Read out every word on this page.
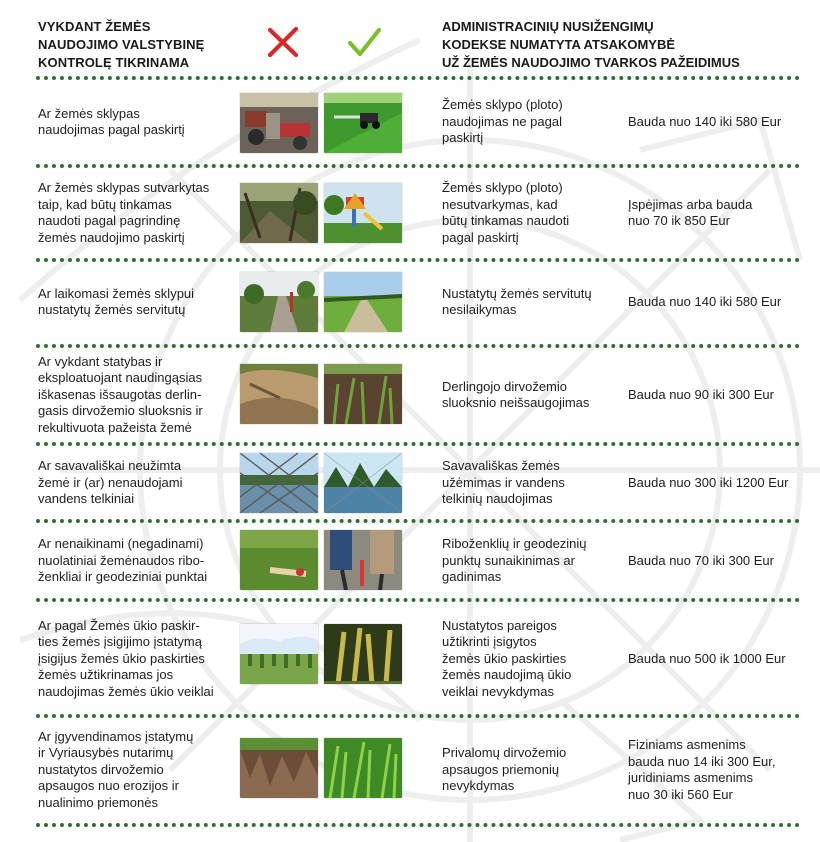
VYKDANT ŽEMĖS
NAUDOJIMO VALSTYBINĘ
KONTROLĘ TIKRINAMA
ADMINISTRACINIŲ NUSIŽENGIMŲ
KODEKSE NUMATYTA ATSAKOMYBĖ
UŽ ŽEMĖS NAUDOJIMO TVARKOS PAŽEIDIMUS
Ar žemės sklypas
naudojimas pagal paskirtį
Žemės sklypo (ploto)
naudojimas ne pagal
paskirtį
Bauda nuo 140 iki 580 Eur
Ar žemės sklypas sutvarkytas
taip, kad būtų tinkamas
naudoti pagal pagrindinę
žemės naudojimo paskirtį
Žemės sklypo (ploto)
nesutvarkymas, kad
būtų tinkamas naudoti
pagal paskirtį
Įspėjimas arba bauda
nuo 70 ik 850 Eur
Ar laikomasi žemės sklypui
nustatytų žemės servitutų
Nustatytų žemės servitutų
nesilaikymas
Bauda nuo 140 iki 580 Eur
Ar vykdant statybas ir
eksploatuojant naudingąsias
iškasenas išsaugotas derlin-
gasis dirvožemio sluoksnis ir
rekultivuota pažeista žemė
Derlingojo dirvožemio
sluoksnio neišsaugojimas
Bauda nuo 90 iki 300 Eur
Ar savavališkai neužimta
žemė ir (ar) nenaudojami
vandens telkiniai
Savavališkas žemės
užėmimas ir vandens
telkinių naudojimas
Bauda nuo 300 iki 1200 Eur
Ar nenaikinami (negadinami)
nuolatiniai žemėnaudos ribo-
ženkliai ir geodeziniai punktai
Riboženklių ir geodezinių
punktų sunaikinimas ar
gadinimas
Bauda nuo 70 iki 300 Eur
Ar pagal Žemės ūkio paskir-
ties žemės įsigijimo įstatymą
įsigijus žemės ūkio paskirties
žemės užtikrinamas jos
naudojimas žemės ūkio veiklai
Nustatytos pareigos
užtikrinti įsigytos
žemės ūkio paskirties
žemės naudojimą ūkio
veiklai nevykdymas
Bauda nuo 500 ik 1000 Eur
Ar įgyvendinamos įstatymų
ir Vyriausybės nutarimų
nustatytos dirvožemio
apsaugos nuo erozijos ir
nualinimo priemonės
Privalomų dirvožemio
apsaugos priemonių
nevykdymas
Fiziniams asmenims
bauda nuo 14 iki 300 Eur,
juridiniams asmenims
nuo 30 iki 560 Eur
